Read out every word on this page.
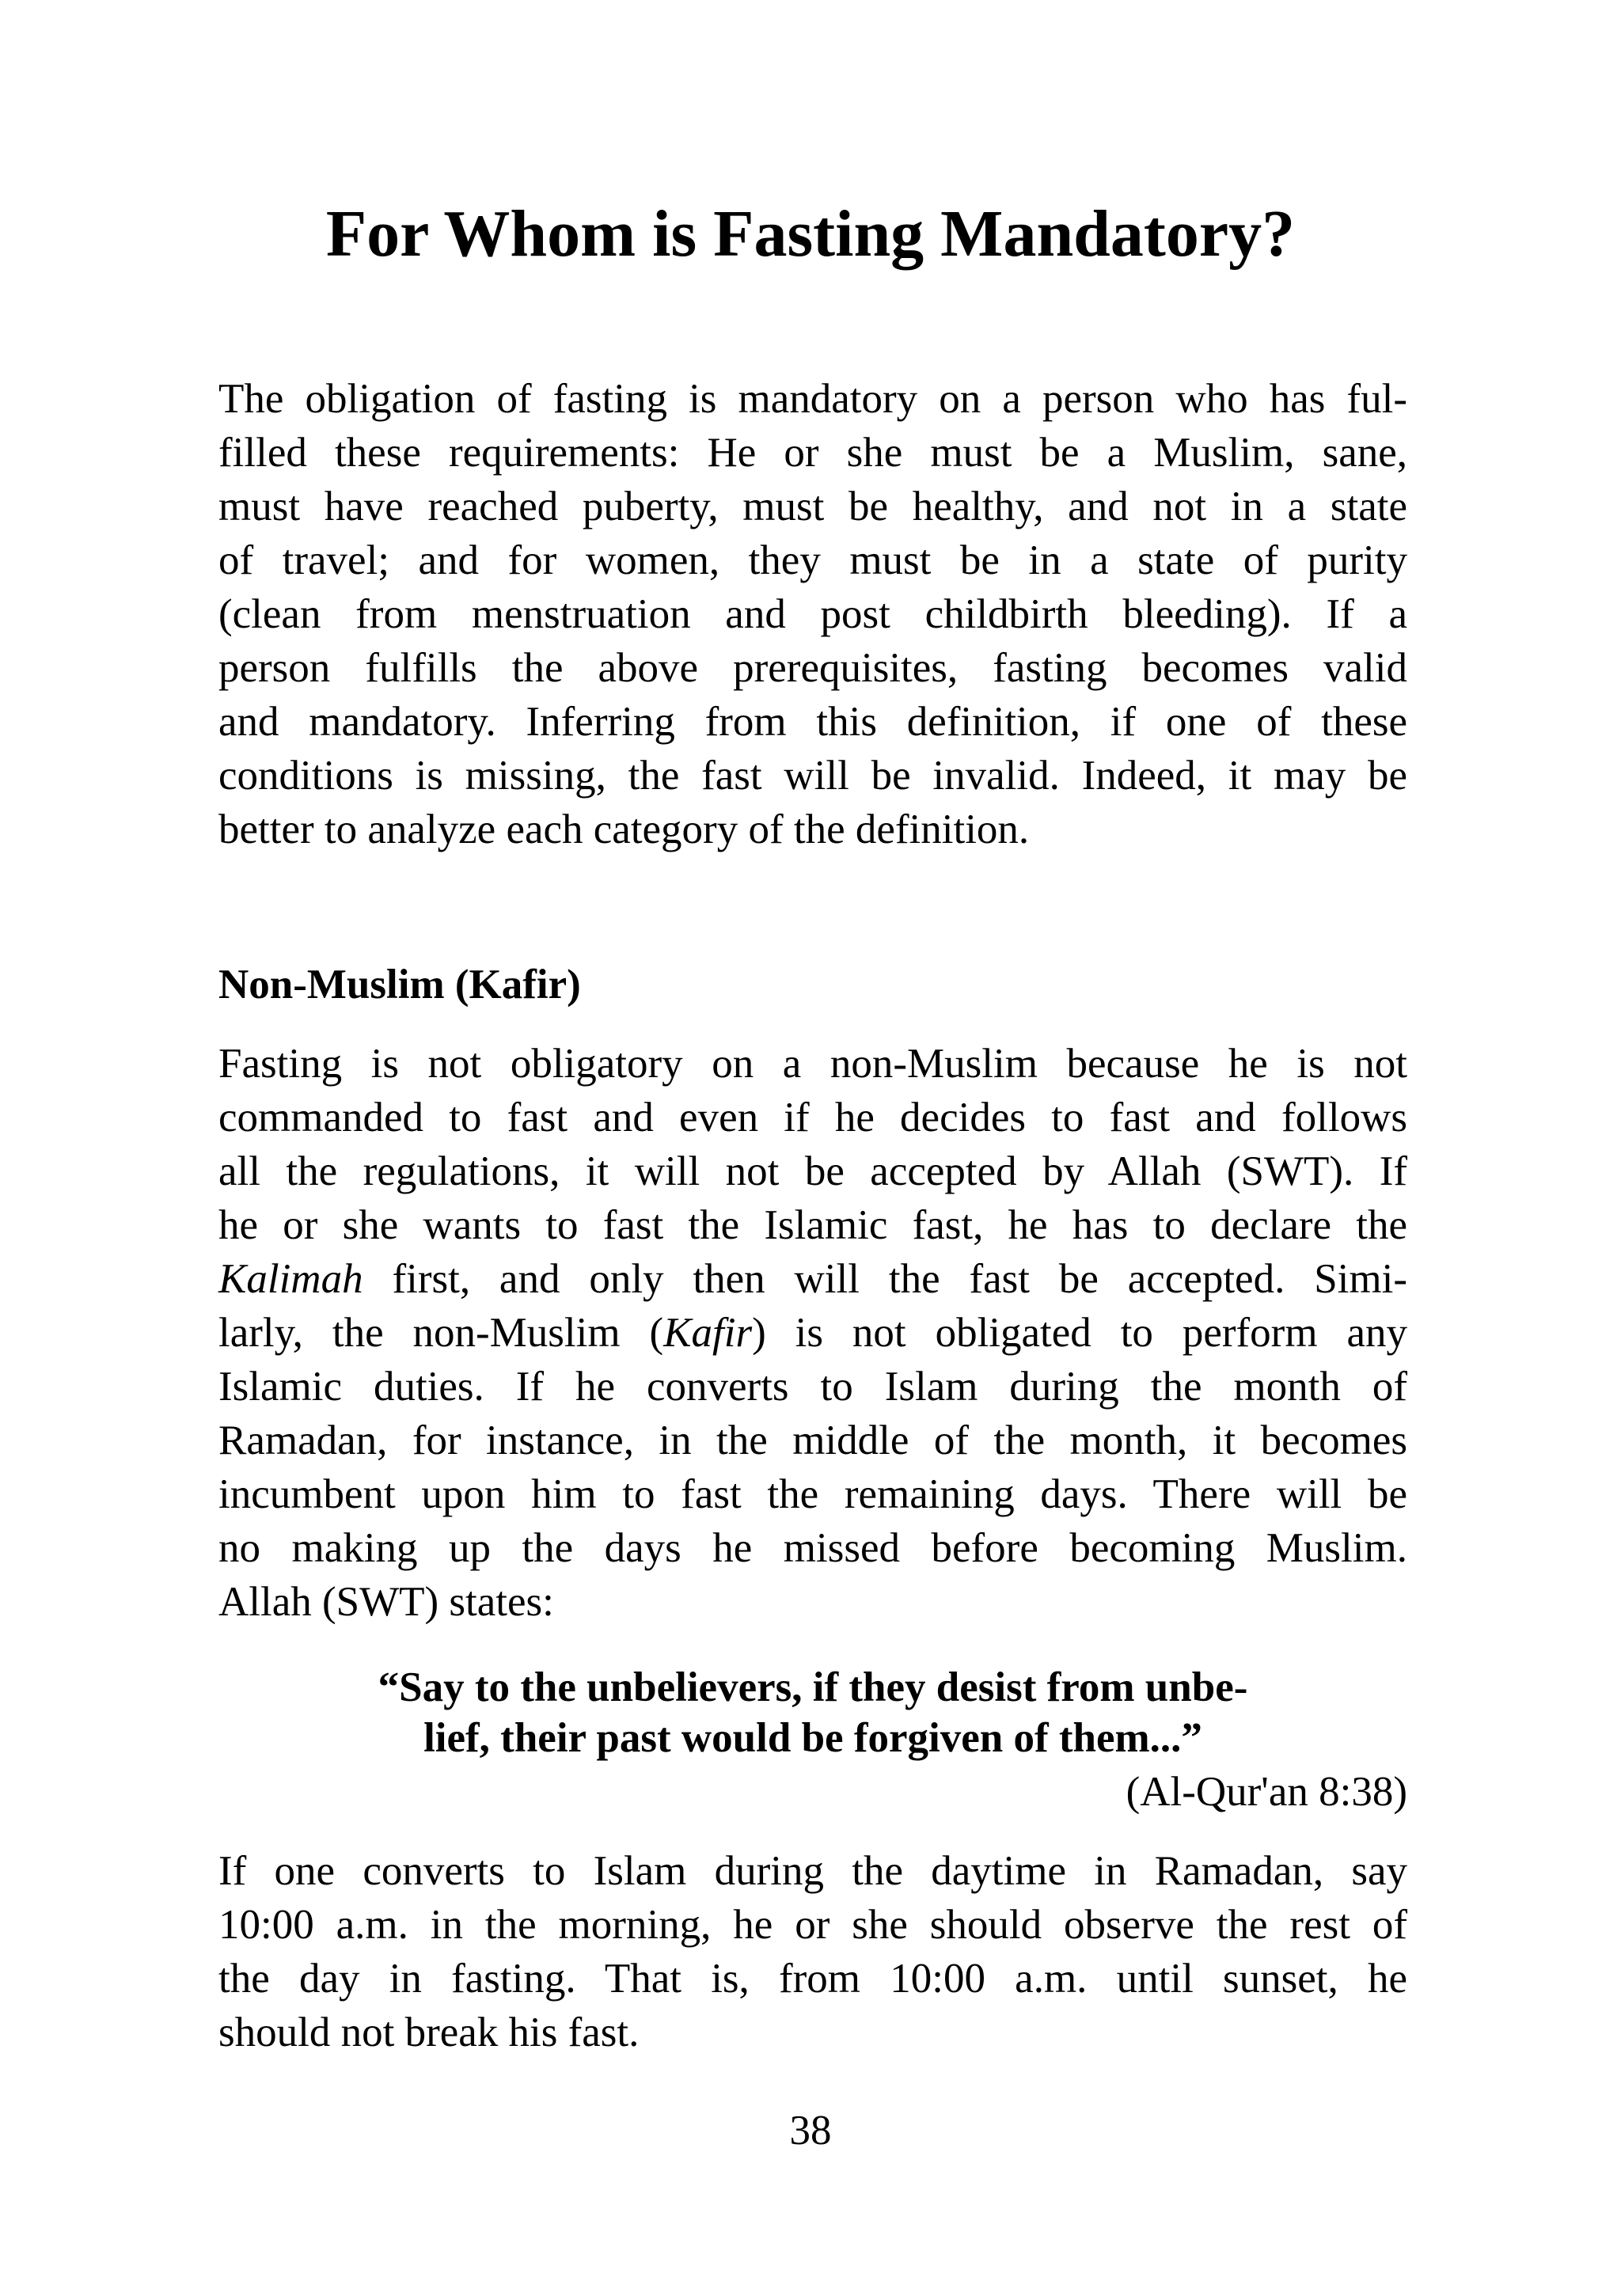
For Whom is Fasting Mandatory?

The obligation of fasting is mandatory on a person who has ful-
filled these requirements: He or she must be a Muslim, sane,
must have reached puberty, must be healthy, and not in a state
of travel; and for women, they must be in a state of purity
(clean from menstruation and post childbirth bleeding). If a
person fulfills the above prerequisites, fasting becomes valid
and mandatory. Inferring from this definition, if one of these
conditions is missing, the fast will be invalid. Indeed, it may be
better to analyze each category of the definition.

Non-Muslim (Kafir)

Fasting is not obligatory on a non-Muslim because he is not
commanded to fast and even if he decides to fast and follows
all the regulations, it will not be accepted by Allah (SWT). If
he or she wants to fast the Islamic fast, he has to declare the
Kalimah first, and only then will the fast be accepted. Simi-
larly, the non-Muslim (Kafir) is not obligated to perform any
Islamic duties. If he converts to Islam during the month of
Ramadan, for instance, in the middle of the month, it becomes
incumbent upon him to fast the remaining days. There will be
no making up the days he missed before becoming Muslim.
Allah (SWT) states:

“Say to the unbelievers, if they desist from unbe-
lief, their past would be forgiven of them...”

(Al-Qur'an 8:38)

If one converts to Islam during the daytime in Ramadan, say
10:00 a.m. in the morning, he or she should observe the rest of
the day in fasting. That is, from 10:00 a.m. until sunset, he
should not break his fast.

38
